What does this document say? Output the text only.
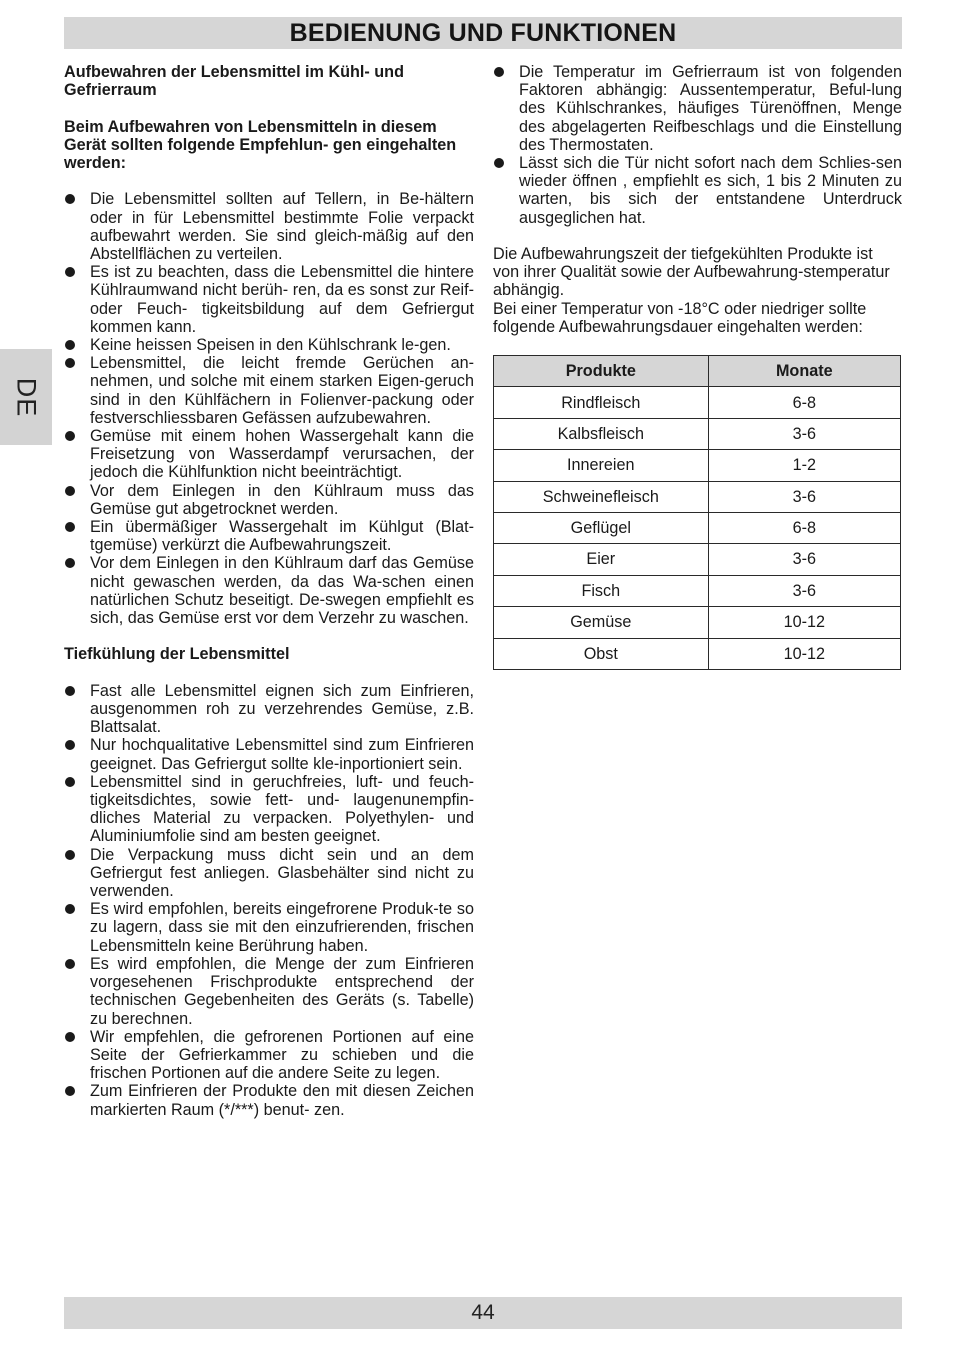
BEDIENUNG UND FUNKTIONEN
DE

Aufbewahren der Lebensmittel im Kühl- und Gefrierraum

Beim Aufbewahren von Lebensmitteln in diesem Gerät sollten folgende Empfehlun- gen eingehalten werden:

Die Lebensmittel sollten auf Tellern, in Be-hältern oder in für Lebensmittel bestimmte Folie verpackt aufbewahrt werden. Sie sind gleich-mäßig auf den Abstellflächen zu verteilen.
Es ist zu beachten, dass die Lebensmittel die hintere Kühlraumwand nicht berüh- ren, da es sonst zur Reif- oder Feuch- tigkeitsbildung auf dem Gefriergut kommen kann.
Keine heissen Speisen in den Kühlschrank le-gen.
Lebensmittel, die leicht fremde Gerüchen an-nehmen, und solche mit einem starken Eigen-geruch sind in den Kühlfächern in Folienver-packung oder festverschliessbaren Gefässen aufzubewahren.
Gemüse mit einem hohen Wassergehalt kann die Freisetzung von Wasserdampf verursachen, der jedoch die Kühlfunktion nicht beeinträchtigt.
Vor dem Einlegen in den Kühlraum muss das Gemüse gut abgetrocknet werden.
Ein übermäßiger Wassergehalt im Kühlgut (Blat-tgemüse) verkürzt die Aufbewahrungszeit.
Vor dem Einlegen in den Kühlraum darf das Gemüse nicht gewaschen werden, da das Wa-schen einen natürlichen Schutz beseitigt. De-swegen empfiehlt es sich, das Gemüse erst vor dem Verzehr zu waschen.

Tiefkühlung der Lebensmittel

Fast alle Lebensmittel eignen sich zum Einfrieren, ausgenommen roh zu verzehrendes Gemüse, z.B. Blattsalat.
Nur hochqualitative Lebensmittel sind zum Einfrieren geeignet. Das Gefriergut sollte kle-inportioniert sein.
Lebensmittel sind in geruchfreies, luft- und feuch-tigkeitsdichtes, sowie fett- und- laugenunempfin-dliches Material zu verpacken. Polyethylen- und Aluminiumfolie sind am besten geeignet.
Die Verpackung muss dicht sein und an dem Gefriergut fest anliegen. Glasbehälter sind nicht zu verwenden.
Es wird empfohlen, bereits eingefrorene Produk-te so zu lagern, dass sie mit den einzufrierenden, frischen Lebensmitteln keine Berührung haben.
Es wird empfohlen, die Menge der zum Einfrieren vorgesehenen Frischprodukte entsprechend der technischen Gegebenheiten des Geräts (s. Tabelle) zu berechnen.
Wir empfehlen, die gefrorenen Portionen auf eine Seite der Gefrierkammer zu schieben und die frischen Portionen auf die andere Seite zu legen.
Zum Einfrieren der Produkte den mit diesen Zeichen markierten Raum (*/***) benut- zen.
Die Temperatur im Gefrierraum ist von folgenden Faktoren abhängig: Aussentemperatur, Beful-lung des Kühlschrankes, häufiges Türenöffnen, Menge des abgelagerten Reifbeschlags und die Einstellung des Thermostaten.
Lässt sich die Tür nicht sofort nach dem Schlies-sen wieder öffnen , empfiehlt es sich, 1 bis 2 Minuten zu warten, bis sich der entstandene Unterdruck ausgeglichen hat.

Die Aufbewahrungszeit der tiefgekühlten Produkte ist von ihrer Qualität sowie der Aufbewahrung-stemperatur abhängig.

Bei einer Temperatur von -18°C oder niedriger sollte folgende Aufbewahrungsdauer eingehalten werden:

Produkte	Monate
Rindfleisch	6-8
Kalbsfleisch	3-6
Innereien	1-2
Schweinefleisch	3-6
Geflügel	6-8
Eier	3-6
Fisch	3-6
Gemüse	10-12
Obst	10-12
44
